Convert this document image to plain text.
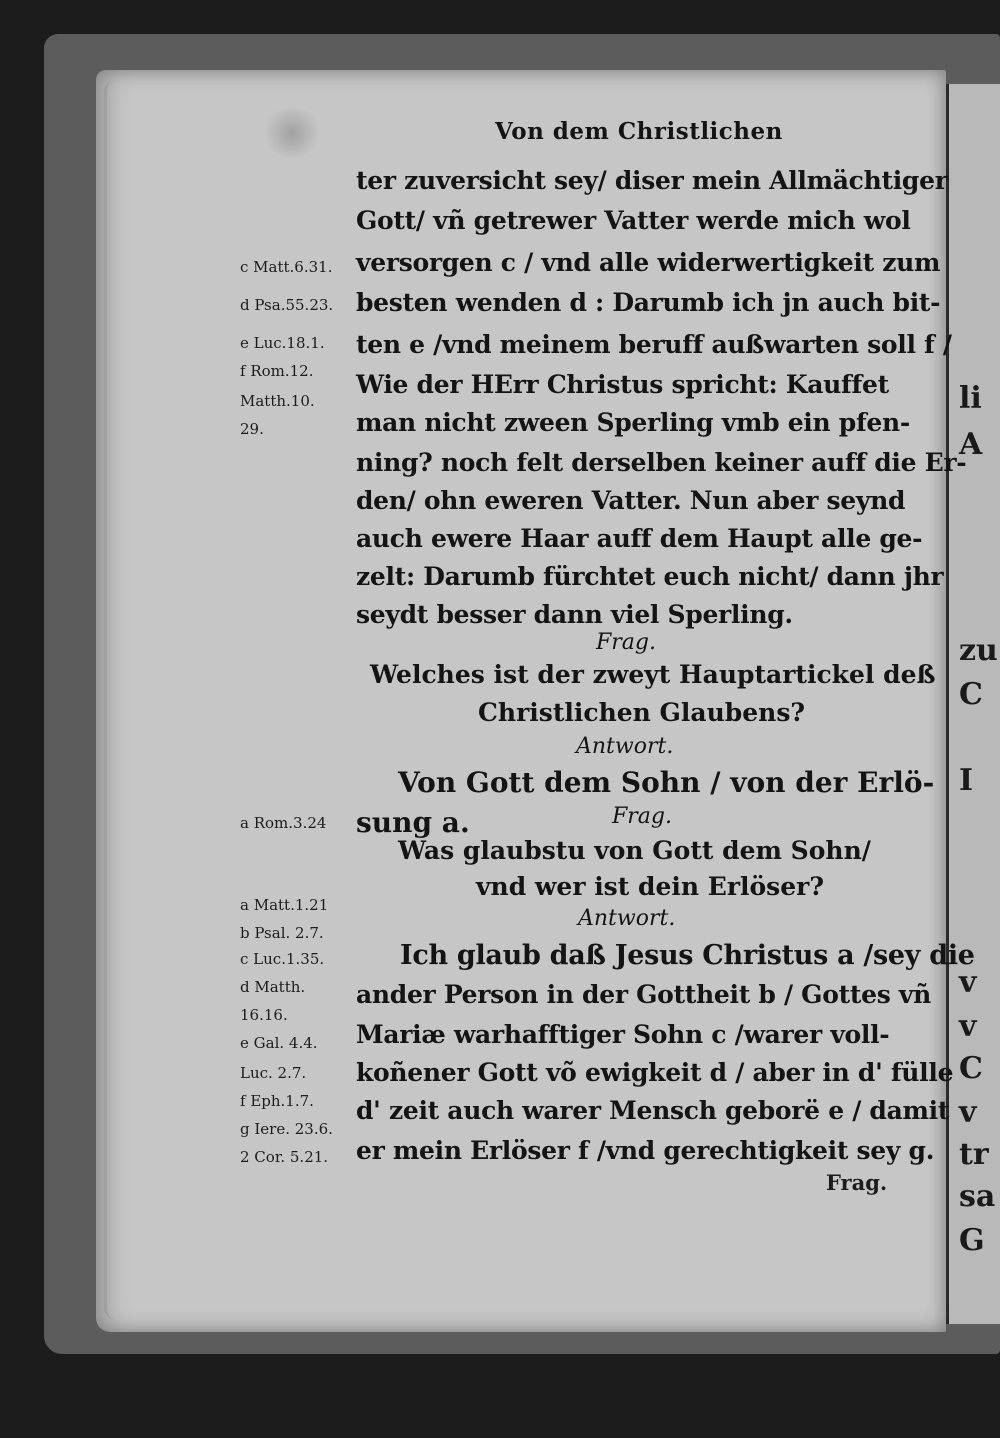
li
A
zu
C
I
v
v
C
v
tr
sa
G
Von dem Christlichen
ter zuversicht sey/ diser mein Allmächtiger
Gott/ vñ getrewer Vatter werde mich wol
versorgen c / vnd alle widerwertigkeit zum
besten wenden d : Darumb ich jn auch bit-
ten e /vnd meinem beruff außwarten soll f /
Wie der HErr Christus spricht: Kauffet
man nicht zween Sperling vmb ein pfen-
ning? noch felt derselben keiner auff die Er-
den/ ohn eweren Vatter. Nun aber seynd
auch ewere Haar auff dem Haupt alle ge-
zelt: Darumb fürchtet euch nicht/ dann jhr
seydt besser dann viel Sperling.
Frag.
Welches ist der zweyt Hauptartickel deß
Christlichen Glaubens?
Antwort.
Von Gott dem Sohn / von der Erlö-
sung a.	Frag.
Was glaubstu von Gott dem Sohn/
vnd wer ist dein Erlöser?
Antwort.
Ich glaub daß Jesus Christus a /sey die
ander Person in der Gottheit b / Gottes vñ
Mariæ warhafftiger Sohn c /warer voll-
koñener Gott võ ewigkeit d / aber in d' fülle
d' zeit auch warer Mensch geborë e / damit
er mein Erlöser f /vnd gerechtigkeit sey g.
Frag.
c Matt.6.31.
d Psa.55.23.
e Luc.18.1.
f Rom.12.
Matth.10.
29.
a Rom.3.24
a Matt.1.21
b Psal. 2.7.
c Luc.1.35.
d Matth.
16.16.
e Gal. 4.4.
Luc. 2.7.
f Eph.1.7.
g Iere. 23.6.
2 Cor. 5.21.
